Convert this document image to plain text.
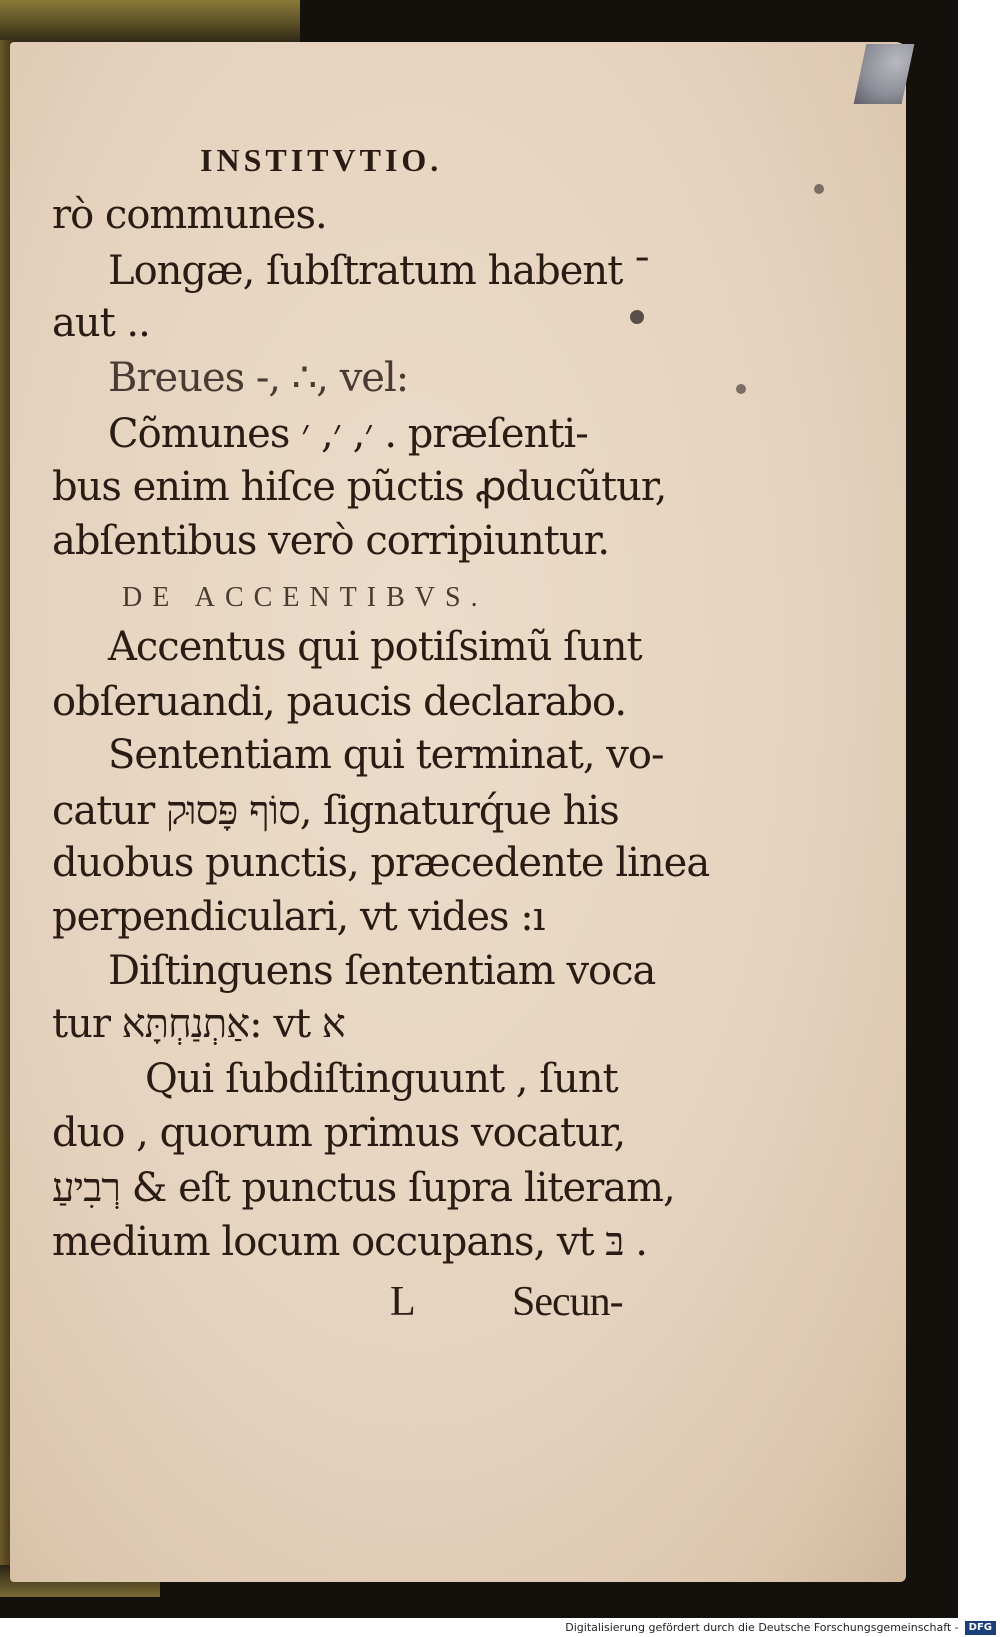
INSTITVTIO.
rò communes.
Longæ, ſubſtratum habent ־
aut ..
Breues -, ∴, vel:
Cõmunes ׳, ׳, ׳ . præſenti-
bus enim hiſce pũctis ꝓducũtur,
abſentibus verò corripiuntur.
DE ACCENTIBVS.
Accentus qui potiſsimũ ſunt
obſeruandi, paucis declarabo.
Sententiam qui terminat, vo-
catur סוֹף פָּסוּק, ſignaturq́ue his
duobus punctis, præcedente linea
perpendiculari, vt vides :ı
Diſtinguens ſententiam voca
tur אַתְנַחְתָּא: vt א
Qui ſubdiſtinguunt , ſunt
duo , quorum primus vocatur,
רְבִיעַ & eſt punctus ſupra literam,
medium locum occupans, vt בּ .
L Secun-
Digitalisierung gefördert durch die Deutsche Forschungsgemeinschaft - DFG
